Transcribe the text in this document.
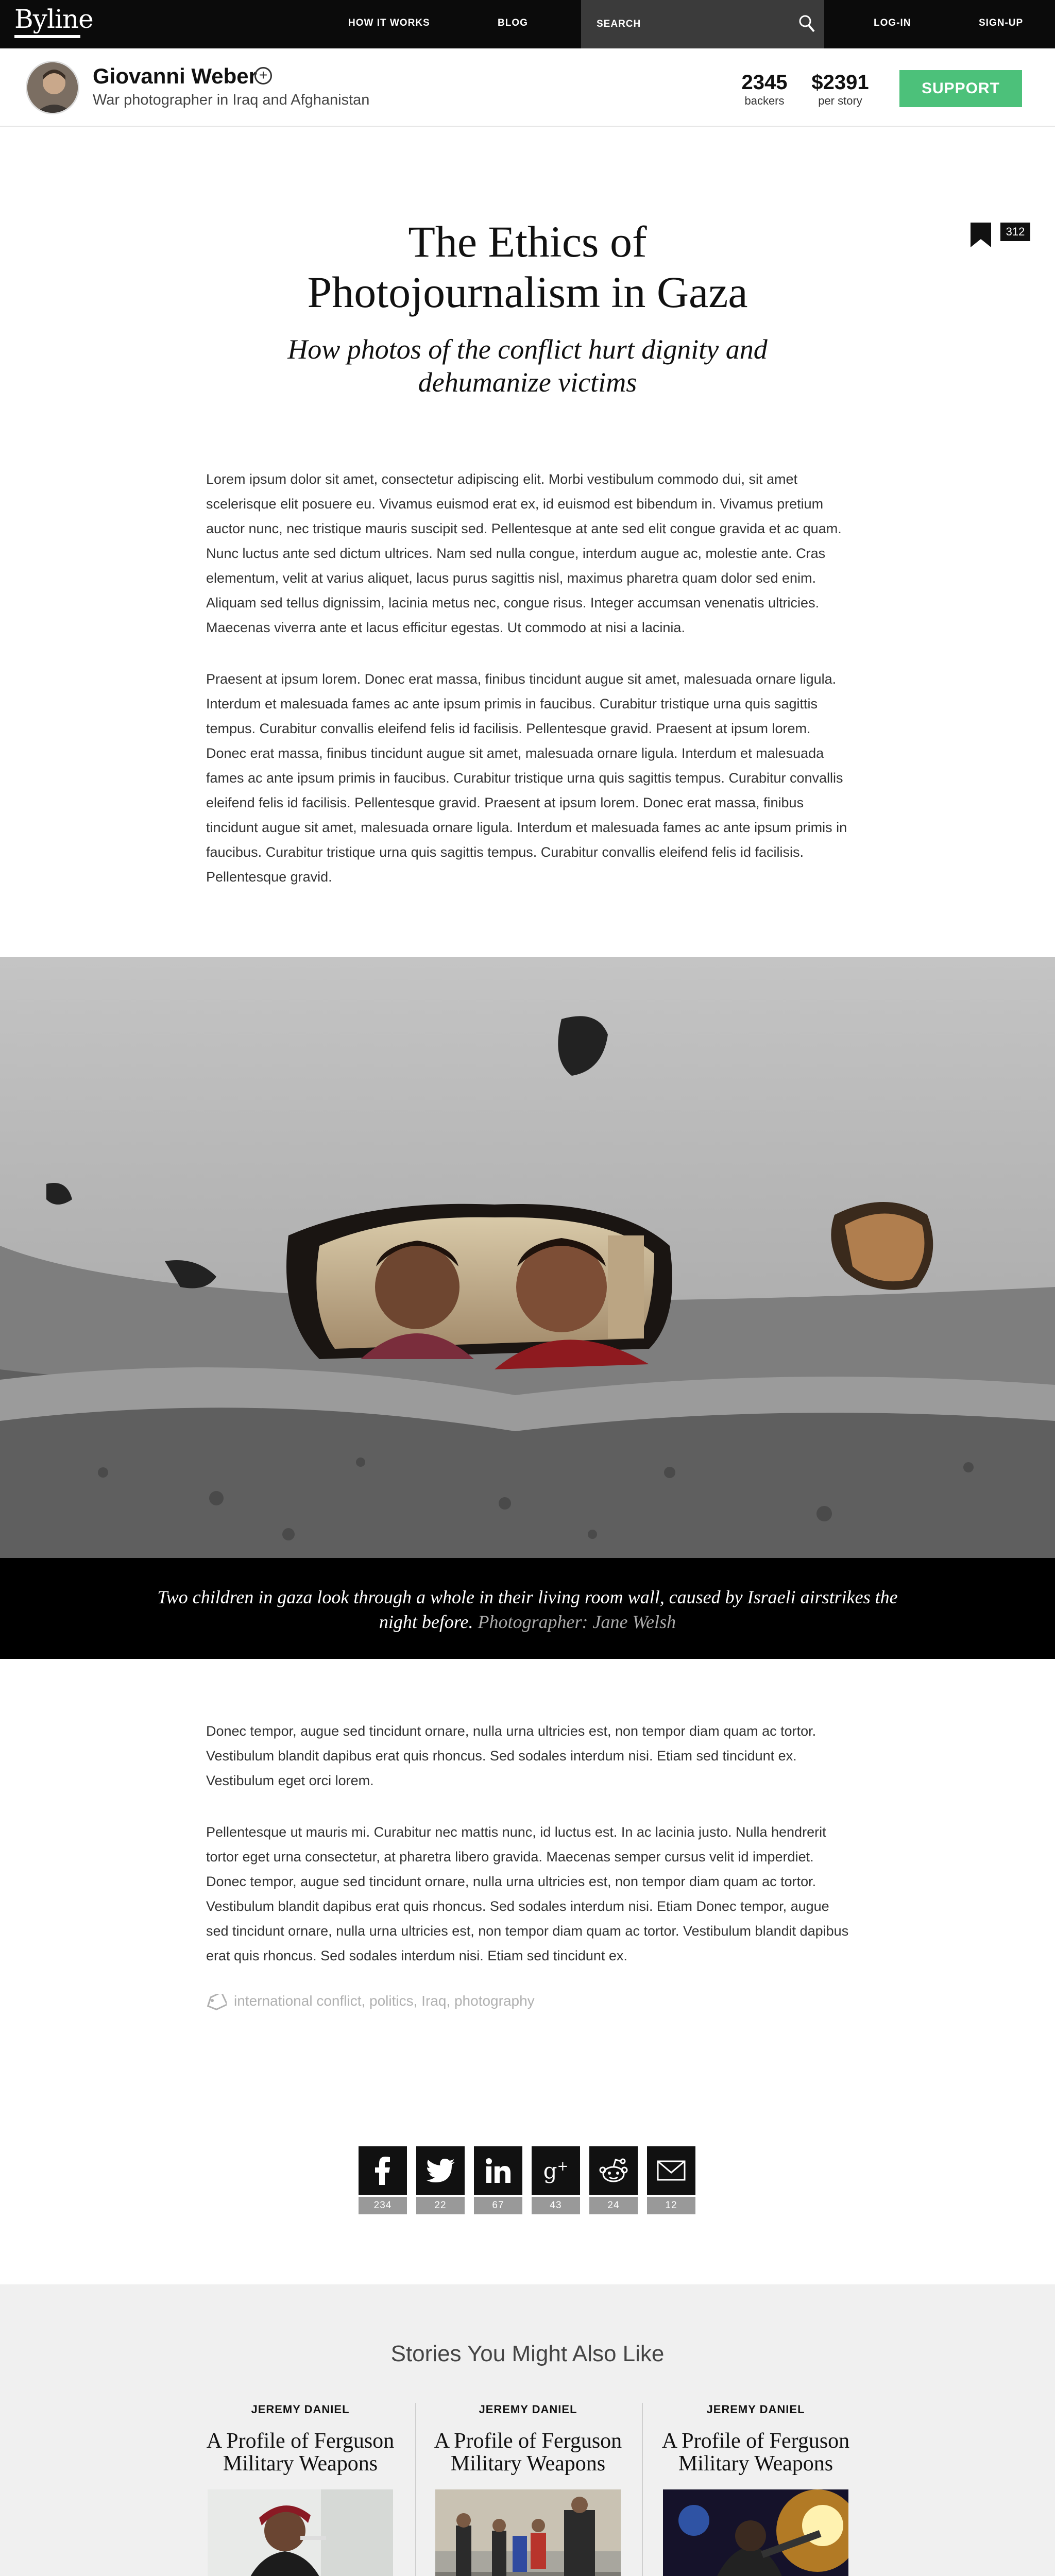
Byline	HOW IT WORKS	BLOG
SEARCH	LOG-IN	SIGN-UP
Giovanni Weber +
War photographer in Iraq and Afghanistan
2345
backers
$2391
per story
SUPPORT
The Ethics of Photojournalism in Gaza
How photos of the conflict hurt dignity and dehumanize victims
312

Lorem ipsum dolor sit amet, consectetur adipiscing elit. Morbi vestibulum commodo dui, sit amet scelerisque elit posuere eu. Vivamus euismod erat ex, id euismod est bibendum in. Vivamus pretium auctor nunc, nec tristique mauris suscipit sed. Pellentesque at ante sed elit congue gravida et ac quam. Nunc luctus ante sed dictum ultrices. Nam sed nulla congue, interdum augue ac, molestie ante. Cras elementum, velit at varius aliquet, lacus purus sagittis nisl, maximus pharetra quam dolor sed enim. Aliquam sed tellus dignissim, lacinia metus nec, congue risus. Integer accumsan venenatis ultricies. Maecenas viverra ante et lacus efficitur egestas. Ut commodo at nisi a lacinia.

Praesent at ipsum lorem. Donec erat massa, finibus tincidunt augue sit amet, malesuada ornare ligula. Interdum et malesuada fames ac ante ipsum primis in faucibus. Curabitur tristique urna quis sagittis tempus. Curabitur convallis eleifend felis id facilisis. Pellentesque gravid. Praesent at ipsum lorem. Donec erat massa, finibus tincidunt augue sit amet, malesuada ornare ligula. Interdum et malesuada fames ac ante ipsum primis in faucibus. Curabitur tristique urna quis sagittis tempus. Curabitur convallis eleifend felis id facilisis. Pellentesque gravid. Praesent at ipsum lorem. Donec erat massa, finibus tincidunt augue sit amet, malesuada ornare ligula. Interdum et malesuada fames ac ante ipsum primis in faucibus. Curabitur tristique urna quis sagittis tempus. Curabitur convallis eleifend felis id facilisis. Pellentesque gravid.

Two children in gaza look through a whole in their living room wall, caused by Israeli airstrikes the night before. Photographer: Jane Welsh

Donec tempor, augue sed tincidunt ornare, nulla urna ultricies est, non tempor diam quam ac tortor. Vestibulum blandit dapibus erat quis rhoncus. Sed sodales interdum nisi. Etiam sed tincidunt ex. Vestibulum eget orci lorem.

Pellentesque ut mauris mi. Curabitur nec mattis nunc, id luctus est. In ac lacinia justo. Nulla hendrerit tortor eget urna consectetur, at pharetra libero gravida. Maecenas semper cursus velit id imperdiet. Donec tempor, augue sed tincidunt ornare, nulla urna ultricies est, non tempor diam quam ac tortor. Vestibulum blandit dapibus erat quis rhoncus. Sed sodales interdum nisi. Etiam Donec tempor, augue sed tincidunt ornare, nulla urna ultricies est, non tempor diam quam ac tortor. Vestibulum blandit dapibus erat quis rhoncus. Sed sodales interdum nisi. Etiam sed tincidunt ex.

international conflict, politics, Iraq, photography
234	22	67
g+
43	24	12
Stories You Might Also Like
JEREMY DANIEL
A Profile of Ferguson Military Weapons
JEREMY DANIEL
A Profile of Ferguson Military Weapons
JEREMY DANIEL
A Profile of Ferguson Military Weapons
